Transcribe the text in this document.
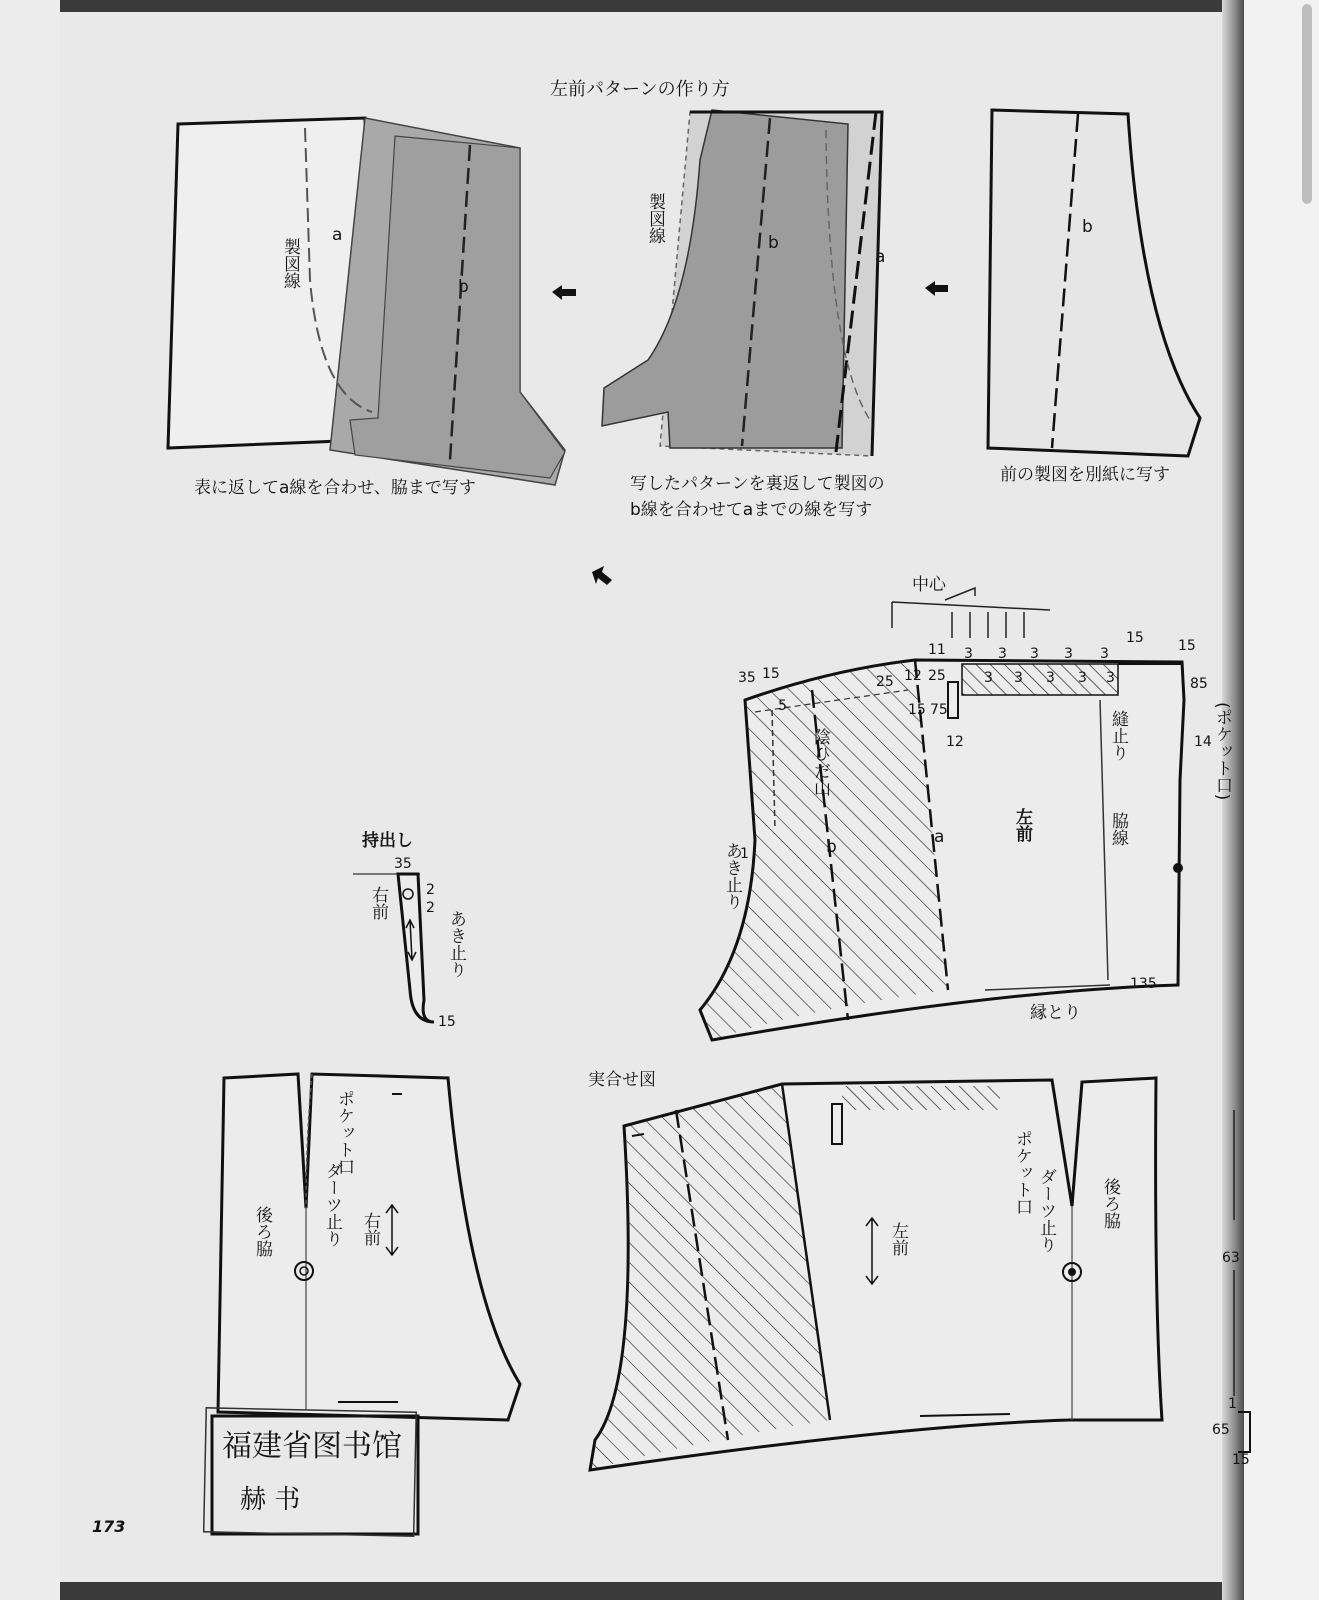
左前パターンの作り方
製図線
a
b
表に返してa線を合わせ、脇まで写す
製図線	b
a
写したパターンを裏返して製図の
b線を合わせてaまでの線を写す
b
前の製図を別紙に写す
中心
左前
陰ひだ山
b	a
縫止り
脇線
(ポケット口)
あき止り
縁とり
35 15
5
25 12 25
15 75
12
11 3 3 3 3 3
3 3 3 3 3
15 15
85
14
135
1
持出し
35
2
2
15
右前
あき止り
ポケット口
ダーツ止り
後ろ脇	右前
実合せ図
ポケット口 ダーツ止り	後ろ脇
左前
63
1
65
15
福建省图书馆
赫 书
173
